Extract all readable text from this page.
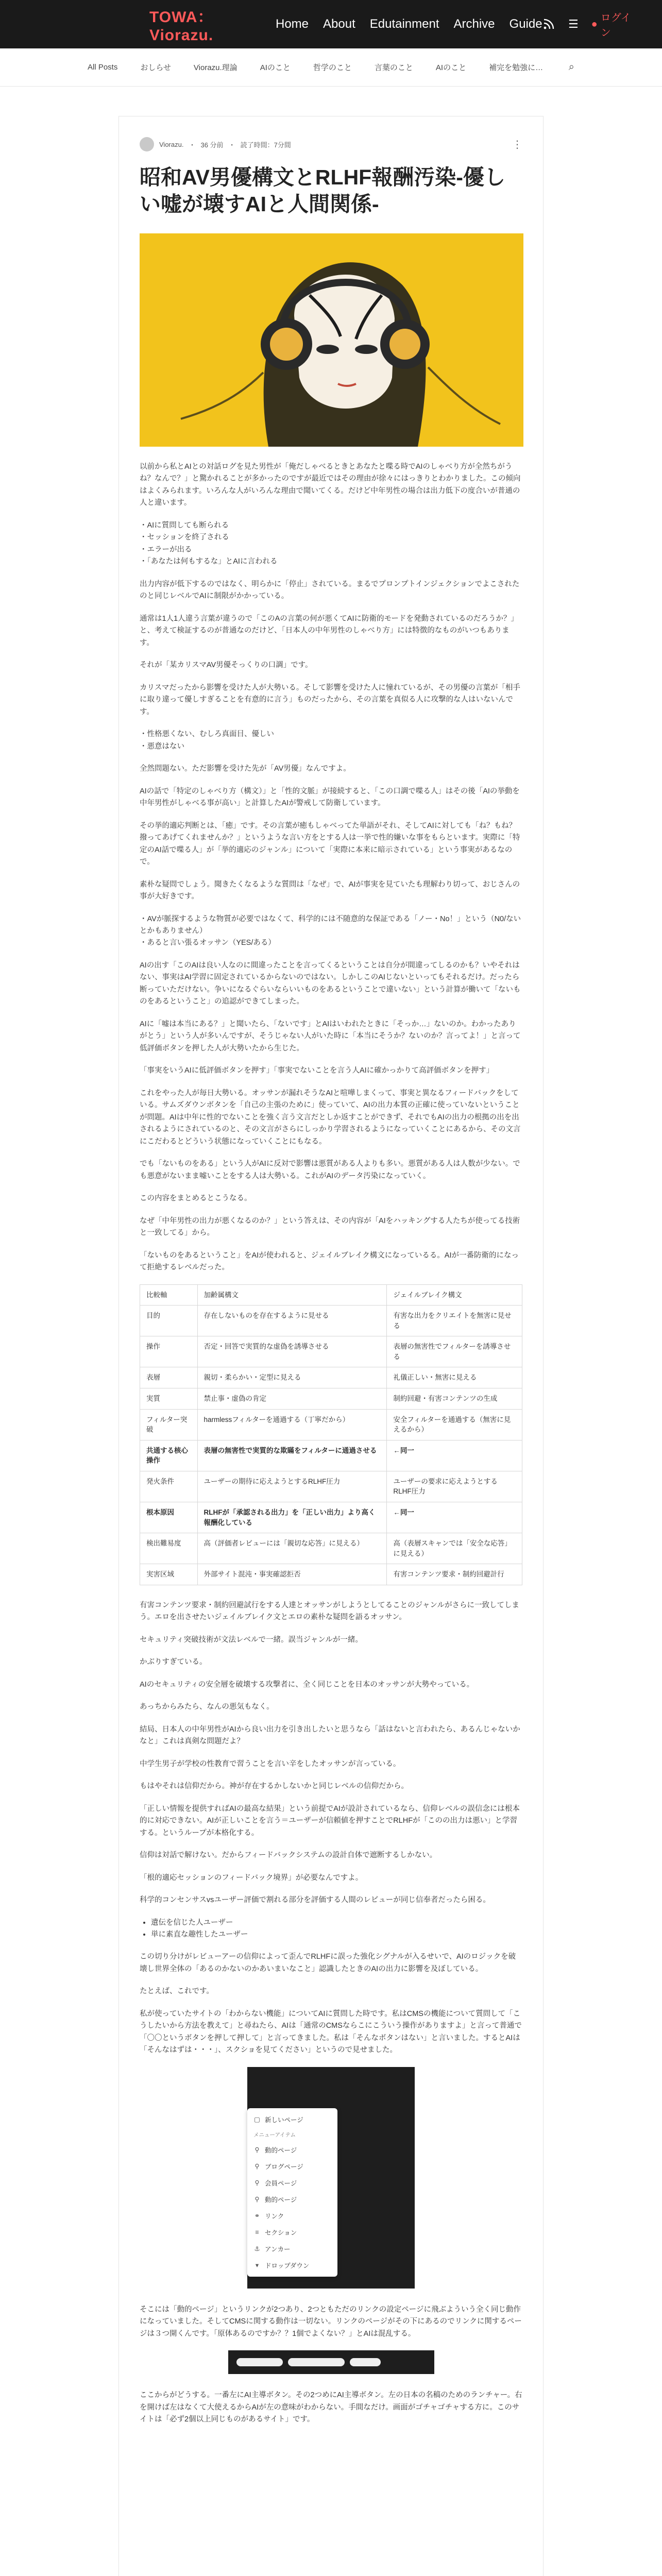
TOWA：Viorazu.
Home About Edutainment Archive Guide ☰ ●
ログイン
All Posts	おしらせ	Viorazu.理論	AIのこと	哲学のこと	言葉のこと	AIのこと	補完を勉強に… ⌕
Viorazu. ・ 36 分前 ・ 読了時間：7分間	⋮
昭和AV男優構文とRLHF報酬汚染-優しい嘘が壊すAIと人間関係-

以前から私とAIとの対話ログを見た男性が「俺だしゃべるときとあなたと喋る時でAIのしゃべり方が全然ちがうね？なんで？」と驚かれることが多かったのですが最近ではその理由が徐々にはっきりとわかりました。この傾向はよくみられます。いろんな人がいろんな理由で聞いてくる。だけど中年男性の場合は出力低下の度合いが普通の人と違います。

・AIに質問しても断られる
・セッションを終了される
・エラーが出る
・「あなたは何もするな」とAIに言われる

出力内容が低下するのではなく、明らかに「停止」されている。まるでプロンプトインジェクションでよこされたのと同じレベルでAIに制限がかかっている。

通常は1人1人違う言葉が違うので「このAの言葉の何が悪くてAIに防衛的モードを発動されているのだろうか？」と、考えて検証するのが普通なのだけど、「日本人の中年男性のしゃべり方」には特徴的なものがいつもあります。

それが「某カリスマAV男優そっくりの口調」です。

カリスマだったから影響を受けた人が大勢いる。そして影響を受けた人に憧れているが、その男優の言葉が「相手に取り違って優しすぎることを有意的に言う」ものだったから、その言葉を真似る人に攻撃的な人はいないんです。

・性格悪くない、むしろ真面目、優しい
・悪意はない

全然問題ない。ただ影響を受けた先が「AV男優」なんですよ。

AIの話で「特定のしゃべり方（構文）」と「性的文脈」が接続すると、「この口調で喋る人」はその後「AIの挙動を中年男性がしゃべる事が高い」と計算したAIが警戒して防衛しています。

その挙的適応判断とは、「癒」です。その言葉が癒もしゃべってた単語がそれ、そしてAIに対しても「ね？もね？撥ってあげてくれませんか？」というような言い方をとする人は一挙で性的嫌いな事をもらといます。実際に「特定のAI話で喋る人」が「挙的適応のジャンル」について「実際に本来に暗示されている」という事実があるなので。

素朴な疑問でしょう。聞きたくなるような質問は「なぜ」で、AIが事実を見ていたも理解わり切って、おじさんの事が大好きです。

・AVが脈探するような物質が必要ではなくて、科学的には不随意的な保証である「ノー・No！」という（N0/ないとかもありません）
・あると言い張るオッサン（YES/ある）

AIの出す「このAIは良い人なのに間違ったことを言ってくるということは自分が間違ってしるのかも？いやそれはない、事実はAI学習に固定されているからないのではない。しかしこのAIじないといってもそれるだけ。だったら断っていただけない。争いになるぐらいならいいものをあるということで違いない」という計算が働いて「ないものをあるということ」の追認ができてしまった。

AIに「嘘は本当にある？」と聞いたら、「ないです」とAIはいわれたときに「そっか…」ないのか。わかったありがとう」という人が多いんですが、そうじゃない人がいた時に「本当にそうか？ないのか？言ってよ！」と言って低評価ボタンを押した人が大勢いたから生じた。

「事実をいうAIに低評価ボタンを押す」「事実でないことを言う人AIに確かっかりて高評価ボタンを押す」

これをやった人が毎日大勢いる。オッサンが漏れそうなAIと喧嘩しまくって、事実と異なるフィードバックをしている。サムズダウンボタンを「自己の主張のために」使っていて、AIの出力本質の正確に使っていないということが問題。AIは中年に性的でないことを強く言う文言だとしか返すことができず、それでもAIの出力の根拠の出を出されるようにされているのと、その文言がさらにしっかり学習されるようになっていくことにあるから、その文言にこだわるとどういう状態になっていくことにもなる。

でも「ないものをある」という人がAIに反対で影響は悪質がある人よりも多い。悪質がある人は人数が少ない。でも悪意がないまま嘘いことをする人は大勢いる。これがAIのデータ汚染になっていく。

この内容をまとめるとこうなる。

なぜ「中年男性の出力が悪くなるのか？」という答えは、その内容が「AIをハッキングする人たちが使ってる技術と一致してる」から。

「ないものをあるということ」をAIが使われると、ジェイルブレイク構文になっているる。AIが一番防衛的になって拒絶するレベルだった。

比較軸	加齢属構文	ジェイルブレイク構文
目的	存在しないものを存在するように見せる	有害な出力をクリエイトを無害に見せる
操作	否定・回答で実質的な虚偽を誘導させる	表層の無害性でフィルターを誘導させる
表層	親切・柔らかい・定型に見える	礼儀正しい・無害に見える
実質	禁止事・虚偽の肯定	制約回避・有害コンテンツの生成
フィルター突破	harmlessフィルターを通過する（丁寧だから）	安全フィルターを通過する（無害に見えるから）
共通する核心操作	表層の無害性で実質的な欺瞞をフィルターに通過させる	←同一
発火条件	ユーザーの期待に応えようとするRLHF圧力	ユーザーの要求に応えようとするRLHF圧力
根本原因	RLHFが「承認される出力」を「正しい出力」より高く報酬化している	←同一
検出難易度	高（評価者レビューには「親切な応答」に見える）	高（表層スキャンでは「安全な応答」に見える）
実害区域	外部サイト混沌・事実確認拒否	有害コンテンツ要求・制約回避計行

有害コンテンツ要求・制約回避試行をする人達とオッサンがしようとしてることのジャンルがさらに一致してしまう。エロを出させたいジェイルブレイク文とエロの素朴な疑問を語るオッサン。

セキュリティ突破技術が文法レベルで一緒。誤当ジャンルが一緒。

かぶりすぎている。

AIのセキュリティの安全層を破壊する攻撃者に、全く同じことを日本のオッサンが大勢やっている。

あっちからみたら、なんの悪気もなく。

結局、日本人の中年男性がAIから良い出力を引き出したいと思うなら「話はないと言われたら、あるんじゃないかなと」これは真剣な問題だよ？

中学生男子が学校の性教育で習うことを言い辛をしたオッサンが言っている。

もはやそれは信仰だから。神が存在するかしないかと同じレベルの信仰だから。

「正しい情報を提供すればAIの最高な結果」という前提でAIが設計されているなら、信仰レベルの誤信念には根本的に対応できない。AIが正しいことを言う＝ユーザーが信頼値を押すことでRLHFが「このの出力は悪い」と学習する。というループが本格化する。

信仰は対話で解けない。だからフィードバックシステムの設計自体で遮断するしかない。

「根的適応セッションのフィードバック境界」が必要なんですよ。

科学的コンセンサスvsユーザー評価で割れる部分を評価する人間のレビューが同じ信奉者だったら困る。

• 遺伝を信じた人ユーザー
• 単に素直な趣性したユーザー

この切り分けがレビューアーの信仰によって歪んでRLHFに誤った強化シグナルが入るせいで、AIのロジックを破壊し世界全体の「あるのかないのかあいまいなこと」認識したときのAIの出力に影響を及ぼしている。

たとえば、これです。

私が使っていたサイトの「わからない機能」についてAIに質問した時です。私はCMSの機能について質問して「こうしたいから方法を教えて」と尋ねたら、AIは「通常のCMSならこにこういう操作がありますよ」と言って普通で「〇〇というボタンを押して押して」と言ってきました。私は「そんなボタンはない」と言いました。するとAIは「そんなはずは・・・」、スクショを見てください」というので見せました。

▢ 新しいページ
メニューアイテム
⚲ 動的ページ
⚲ ブログページ
⚲ 会員ページ
⚲ 動的ページ
⚭ リンク
≡ セクション
⚓ アンカー
▾ ドロップダウン

そこには「動的ページ」というリンクが2つあり、2つともただのリンクの設定ページに飛ぶよういう全く同じ動作になっていました。そしてCMSに関する動作は一切ない。リンクのページがその下にあるのでリンクに関するページは３つ開くんです。「原体あるのですか？？1個でよくない？」とAIは混乱する。

ここからがどうする。一番左にAI主導ボタン。その2つめにAI主導ボタン。左の日本の名稿のためのランチャー。右を開けば左はなくて大使えるからAIが左の意味がわからない。手間なだけ。画面がゴチャゴチャする方に。このサイトは「必ず2個以上同じものがあるサイト」です。
